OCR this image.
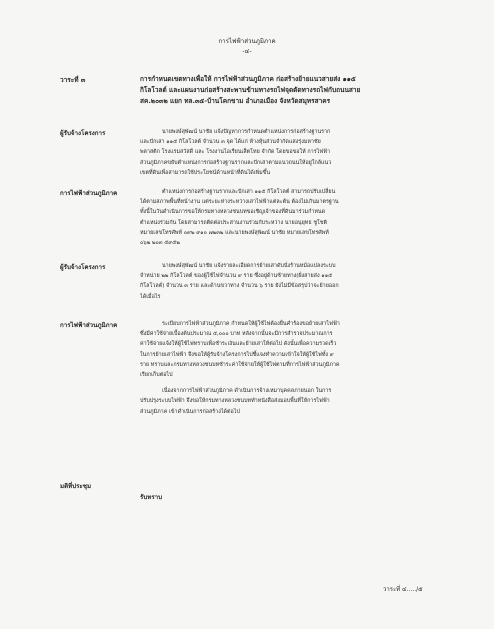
การไฟฟ้าส่วนภูมิภาค
-๔-
วาระที่ ๓	การกำหนดเขตทางเพื่อให้ การไฟฟ้าส่วนภูมิภาค ก่อสร้างย้ายแนวสายส่ง ๑๑๕
กิโลโวลต์ และแผนงานก่อสร้างสะพานข้ามทางรถไฟจุดตัดทางรถไฟกับถนนสาย
สค.๒๐๓๒ แยก ทล.๓๕-บ้านโคกขาม อำเภอเมือง จังหวัดสมุทรสาคร
ผู้รับจ้างโครงการ	นายพงษ์สุพัฒน์ นาชัย แจ้งปัญหาการกำหนดตำแหน่งการก่อสร้างฐานราก
และปักเสา ๑๑๕ กิโลโวลต์ จำนวน ๓ จุด ได้แก่ ห้างหุ้นส่วนจำกัดแสงรุ่งมหาชัย
พลาสติก โรงแรมสวัสดี และ โรงงานไอเรียนเส็ตโทย จำกัด โดยขอขอให้ การไฟฟ้า
ส่วนภูมิภาคขยับตำแหน่งการก่อสร้างฐานรากและปักเสาตามแนวถนนให้อยู่ใกล้แนว
เขตที่ดินเพื่อสามารถใช้ประโยชน์ด้านหน้าที่ดินได้เพิ่มขึ้น
การไฟฟ้าส่วนภูมิภาค	ตำแหน่งการก่อสร้างฐานรากและปักเสา ๑๑๕ กิโลโวลต์ สามารถปรับเปลี่ยน
ได้ตามสภาพพื้นที่หน้างาน แต่ระยะห่างระหว่างเสาไฟฟ้าแต่ละต้น ต้องไม่เกินมาตรฐาน
ทั้งนี้ในวันดำเนินการขอให้กรมทางหลวงชนบทขอเชิญเจ้าของที่ดินมาร่วมกำหนด
ตำแหน่งร่วมกัน โดยสามารถติดต่อประสานงานร่วมกับระหว่าง นายอนุยุทธ ชูโชติ
หมายเลขโทรศัพท์ ๐๙๒ ๙๑๐ ๗๒๓๒ และนายพงษ์สุพัฒน์ นาชัย หมายเลขโทรศัพท์
๐๖๒ ๒๐๓ ๕๙๕๒
ผู้รับจ้างโครงการ	นายพงษ์สุพัฒน์ นาชัย แจ้งรายละเอียดการย้ายเสาดับนั่งร้านหม้อแปลงระบบ
จำหน่าย ๒๒ กิโลโวลต์ ของผู้ใช้ไฟจำนวน ๙ ราย ซึ่งอยู่ด้านซ้ายทาง(ฝั่งสายส่ง ๑๑๕
กิโลโวลต์) จำนวน ๓ ราย และด้านขวาทาง จำนวน ๖ ราย ยังไม่มีข้อสรุปว่าจะย้ายออก
ได้เมื่อไร
การไฟฟ้าส่วนภูมิภาค	ระเบียบการไฟฟ้าส่วนภูมิภาค กำหนดให้ผู้ใช้ไฟต้องยื่นคำร้องขอย้ายเสาไฟฟ้า
ซึ่งมีค่าใช้จ่ายเบื้องต้นประมาณ ๕,๐๐๐ บาท หลังจากนั้นจะมีการสำรวจประมาณการ
ค่าใช้จ่ายแจ้งให้ผู้ใช้ไฟทราบเพื่อชำระเงินและย้ายเสาให้ต่อไป ดังนั้นเพื่อความรวดเร็ว
ในการย้ายเสาไฟฟ้า จึงขอให้ผู้รับจ้างโครงการไปชี้แจงทำความเข้าใจให้ผู้ใช้ไฟทั้ง ๙
ราย ทราบและกรมทางหลวงชนบทชำระค่าใช้จ่ายให้ผู้ใช้ไฟตามที่การไฟฟ้าส่วนภูมิภาค
เรียกเก็บต่อไป
เนื่องจากการไฟฟ้าส่วนภูมิภาค ดำเนินการจ้างเหมาบุคคลภายนอก ในการ
ปรับปรุงระบบไฟฟ้า จึงขอให้กรมทางหลวงชนบททำหนังสือส่งมอบพื้นที่ให้การไฟฟ้า
ส่วนภูมิภาค เข้าดำเนินการก่อสร้างได้ต่อไป
มติที่ประชุม
รับทราบ
วาระที่ ๔...../๕
